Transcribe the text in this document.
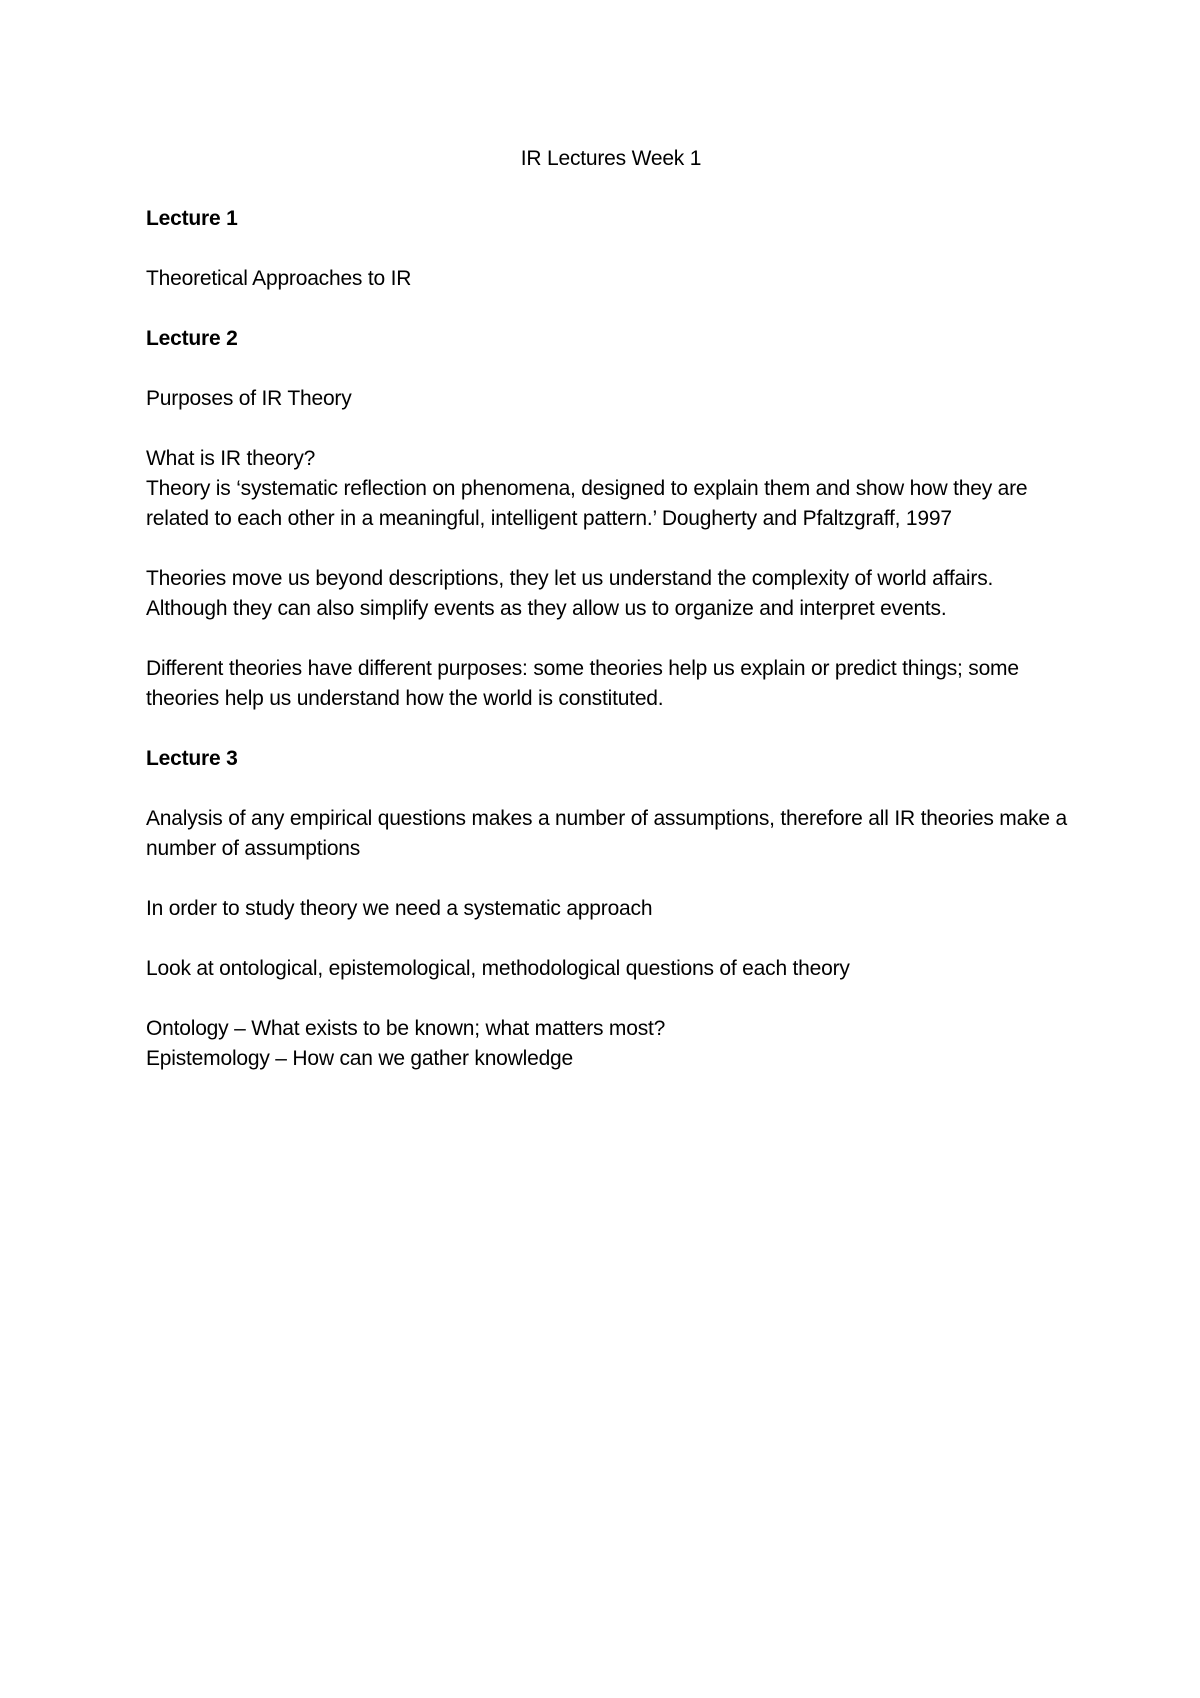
IR Lectures Week 1

Lecture 1

Theoretical Approaches to IR

Lecture 2

Purposes of IR Theory

What is IR theory?

Theory is ‘systematic reflection on phenomena, designed to explain them and show how they are related to each other in a meaningful, intelligent pattern.’ Dougherty and Pfaltzgraff, 1997

Theories move us beyond descriptions, they let us understand the complexity of world affairs. Although they can also simplify events as they allow us to organize and interpret events.

Different theories have different purposes: some theories help us explain or predict things; some theories help us understand how the world is constituted.

Lecture 3

Analysis of any empirical questions makes a number of assumptions, therefore all IR theories make a number of assumptions

In order to study theory we need a systematic approach

Look at ontological, epistemological, methodological questions of each theory

Ontology – What exists to be known; what matters most?

Epistemology – How can we gather knowledge
